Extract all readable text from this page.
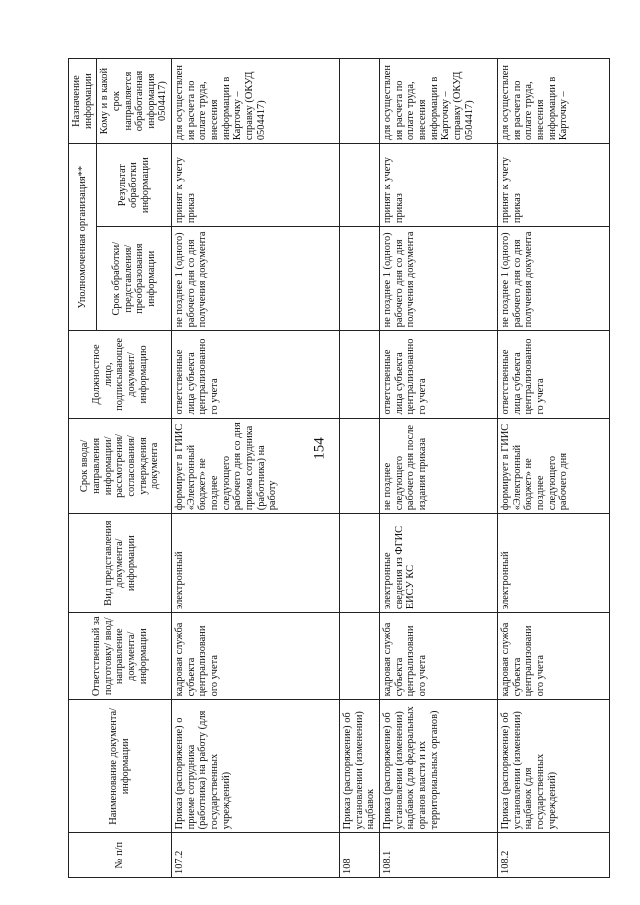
154
№ п/п	Наименование документа/информации	Ответственный за подготовку/ ввод/ направление документа/ информации	Вид представления документа/ информации	Срок ввода/ направления информации/ рассмотрения/ согласования/ утверждения документа	Должностное лицо, подписывающее документ/ информацию	Уполномоченная организация**		Назначение информации
						Срок обработки/ представления/ преобразования информации	Результат обработки информации	Кому и в какой срок направляется обработанная информация 0504417)
107.2	Приказ (распоряжение) о приеме сотрудника (работника) на работу (для государственных учреждений)	кадровая служба субъекта централизовани ого учета	электронный	формирует в ГИИС «Электронный бюджет» не позднее следующего рабочего дня со дня приема сотрудника (работника) на работу	ответственные лица субъекта централизованно го учета	не позднее 1 (одного) рабочего дня со дня получения документа	принят к учету приказ	для осуществлен ия расчета по оплате труда, внесения информации в Карточку – справку (ОКУД 0504417)
108	Приказ (распоряжение) об установлении (изменении) надбавок							
108.1	Приказ (распоряжение) об установлении (изменении) надбавок (для федеральных органов власти и их территориальных органов)	кадровая служба субъекта централизовани ого учета	электронные сведения из ФГИС ЕИСУ КС	не позднее следующего рабочего дня после издания приказа	ответственные лица субъекта централизованно го учета	не позднее 1 (одного) рабочего дня со дня получения документа	принят к учету приказ	для осуществлен ия расчета по оплате труда, внесения информации в Карточку – справку (ОКУД 0504417)
108.2	Приказ (распоряжение) об установлении (изменении) надбавок (для государственных учреждений)	кадровая служба субъекта централизовани ого учета	электронный	формирует в ГИИС «Электронный бюджет» не позднее следующего рабочего дня	ответственные лица субъекта централизованно го учета	не позднее 1 (одного) рабочего дня со дня получения документа	принят к учету приказ	для осуществлен ия расчета по оплате труда, внесения информации в Карточку –
